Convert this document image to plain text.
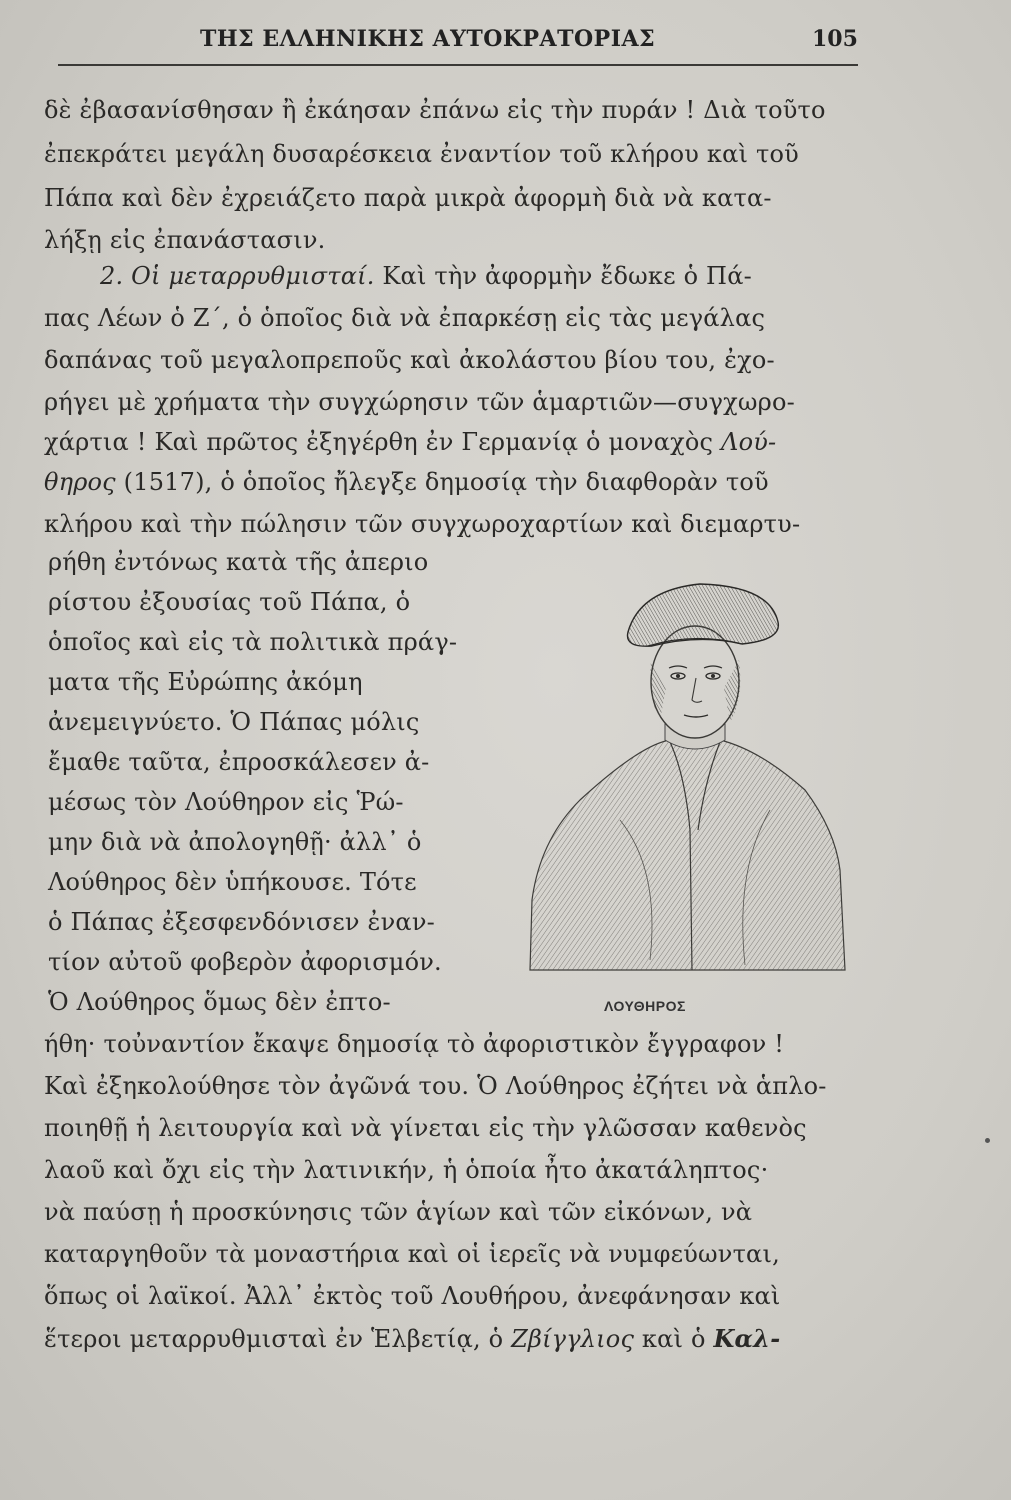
ΤΗΣ ΕΛΛΗΝΙΚΗΣ ΑΥΤΟΚΡΑΤΟΡΙΑΣ	105
δὲ ἐβασανίσθησαν ἢ ἐκάησαν ἐπάνω εἰς τὴν πυράν ! Διὰ τοῦτο
ἐπεκράτει μεγάλη δυσαρέσκεια ἐναντίον τοῦ κλήρου καὶ τοῦ
Πάπα καὶ δὲν ἐχρειάζετο παρὰ μικρὰ ἀφορμὴ διὰ νὰ κατα-
λήξῃ εἰς ἐπανάστασιν.
2. Οἱ μεταρρυθμισταί. Καὶ τὴν ἀφορμὴν ἔδωκε ὁ Πά-
πας Λέων ὁ Ζ΄, ὁ ὁποῖος διὰ νὰ ἐπαρκέσῃ εἰς τὰς μεγάλας
δαπάνας τοῦ μεγαλοπρεποῦς καὶ ἀκολάστου βίου του, ἐχο-
ρήγει μὲ χρήματα τὴν συγχώρησιν τῶν ἁμαρτιῶν—συγχωρο-
χάρτια ! Καὶ πρῶτος ἐξηγέρθη ἐν Γερμανίᾳ ὁ μοναχὸς Λού-
θηρος (1517), ὁ ὁποῖος ἤλεγξε δημοσίᾳ τὴν διαφθορὰν τοῦ
κλήρου καὶ τὴν πώλησιν τῶν συγχωροχαρτίων καὶ διεμαρτυ-
ρήθη ἐντόνως κατὰ τῆς ἀπεριο
ρίστου ἐξουσίας τοῦ Πάπα, ὁ
ὁποῖος καὶ εἰς τὰ πολιτικὰ πράγ-
ματα τῆς Εὐρώπης ἀκόμη
ἀνεμειγνύετο. Ὁ Πάπας μόλις
ἔμαθε ταῦτα, ἐπροσκάλεσεν ἀ-
μέσως τὸν Λούθηρον εἰς Ῥώ-
μην διὰ νὰ ἀπολογηθῇ· ἀλλ᾽ ὁ
Λούθηρος δὲν ὑπήκουσε. Τότε
ὁ Πάπας ἐξεσφενδόνισεν ἐναν-
τίον αὐτοῦ φοβερὸν ἀφορισμόν.
Ὁ Λούθηρος ὅμως δὲν ἐπτο-	ΛΟΥΘΗΡΟΣ
ήθη· τοὐναντίον ἔκαψε δημοσίᾳ τὸ ἀφοριστικὸν ἔγγραφον !
Καὶ ἐξηκολούθησε τὸν ἀγῶνά του. Ὁ Λούθηρος ἐζήτει νὰ ἁπλο-
ποιηθῇ ἡ λειτουργία καὶ νὰ γίνεται εἰς τὴν γλῶσσαν καθενὸς
λαοῦ καὶ ὄχι εἰς τὴν λατινικήν, ἡ ὁποία ἦτο ἀκατάληπτος·
νὰ παύσῃ ἡ προσκύνησις τῶν ἁγίων καὶ τῶν εἰκόνων, νὰ
καταργηθοῦν τὰ μοναστήρια καὶ οἱ ἱερεῖς νὰ νυμφεύωνται,
ὅπως οἱ λαϊκοί. Ἀλλ᾽ ἐκτὸς τοῦ Λουθήρου, ἀνεφάνησαν καὶ
ἕτεροι μεταρρυθμισταὶ ἐν Ἑλβετίᾳ, ὁ Ζβίγγλιος καὶ ὁ Καλ-
